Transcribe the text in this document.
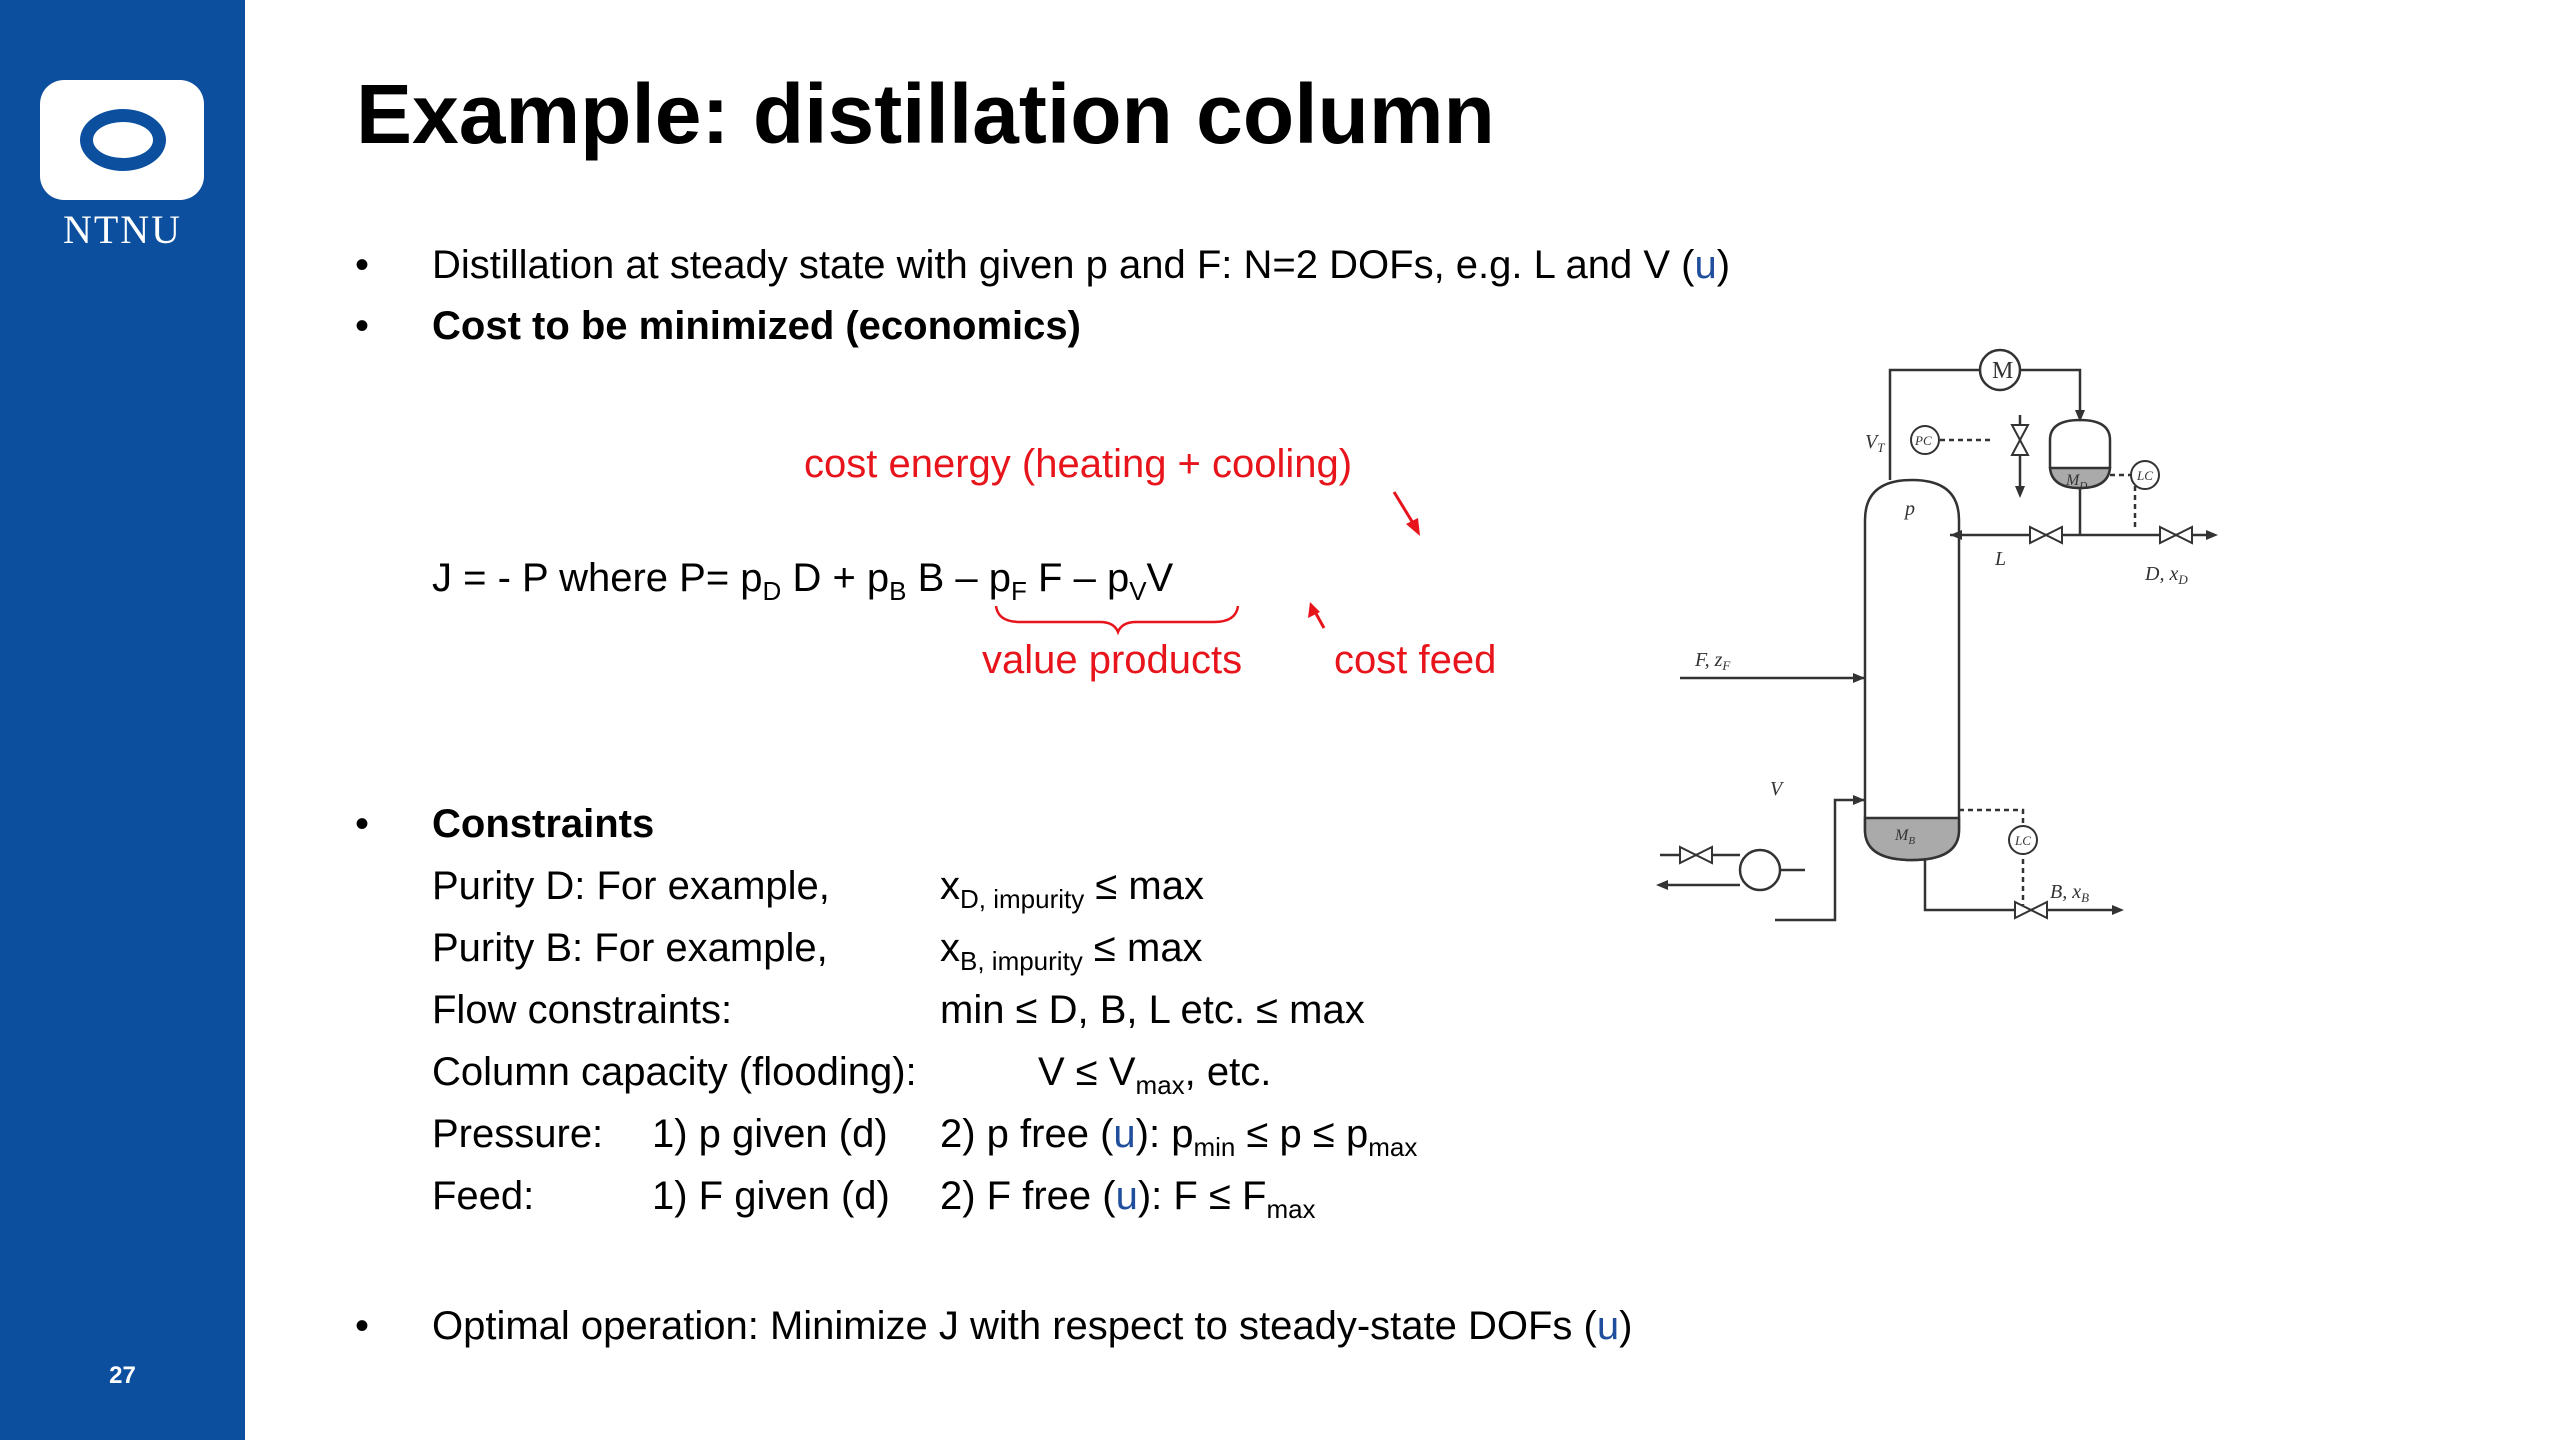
NTNU
27
Example: distillation column
• Distillation at steady state with given p and F: N=2 DOFs, e.g. L and V (u)
• Cost to be minimized (economics)
cost energy (heating + cooling)
J = - P where $P= p_D$ $D + p_B$ B – $p_F$ F – $p_VV$
value products cost feed
• Constraints
Purity D: For example,	$x_{D, impurity} \le \max$
Purity B: For example,	$x_{B, impurity} \le \max$
Flow constraints:	min ≤ D, B, L etc. ≤ max
Column capacity (flooding):	$V \le V_{max}$, etc.
Pressure: 1) p given (d) 2) p free (u): $p_{min} \le p \le p_{max}$
Feed:	1) F given (d) 2) F free (u): $F \le F_{max}$
• Optimal operation: Minimize J with respect to steady-state DOFs (u)
M
$V_T$ PC
LC
$M_D$
p
L
D, $x_D$
F, $z_F$
V
$M_B$	LC
B, $x_B$
